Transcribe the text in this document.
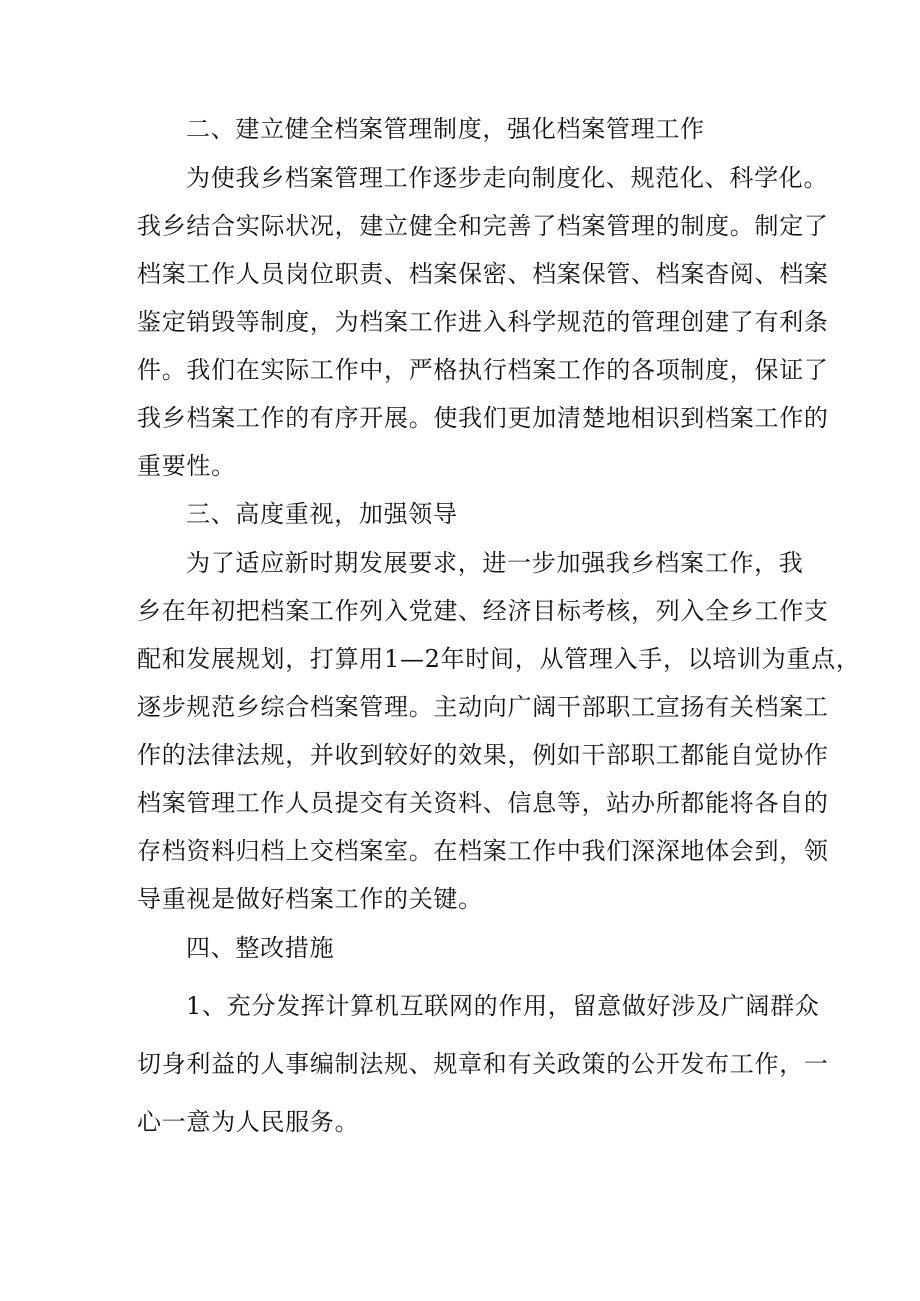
二、建立健全档案管理制度，强化档案管理工作
为使我乡档案管理工作逐步走向制度化、规范化、科学化。
我乡结合实际状况，建立健全和完善了档案管理的制度。制定了
档案工作人员岗位职责、档案保密、档案保管、档案杳阅、档案
鉴定销毁等制度，为档案工作进入科学规范的管理创建了有利条
件。我们在实际工作中，严格执行档案工作的各项制度，保证了
我乡档案工作的有序开展。使我们更加清楚地相识到档案工作的
重要性。
三、高度重视，加强领导
为了适应新时期发展要求，进一步加强我乡档案工作，我
乡在年初把档案工作列入党建、经济目标考核，列入全乡工作支
配和发展规划，打算用1—2年时间，从管理入手，以培训为重点，
逐步规范乡综合档案管理。主动向广阔干部职工宣扬有关档案工
作的法律法规，并收到较好的效果，例如干部职工都能自觉协作
档案管理工作人员提交有关资料、信息等，站办所都能将各自的
存档资料归档上交档案室。在档案工作中我们深深地体会到，领
导重视是做好档案工作的关键。
四、整改措施
1、充分发挥计算机互联网的作用，留意做好涉及广阔群众
切身利益的人事编制法规、规章和有关政策的公开发布工作，一
心一意为人民服务。
